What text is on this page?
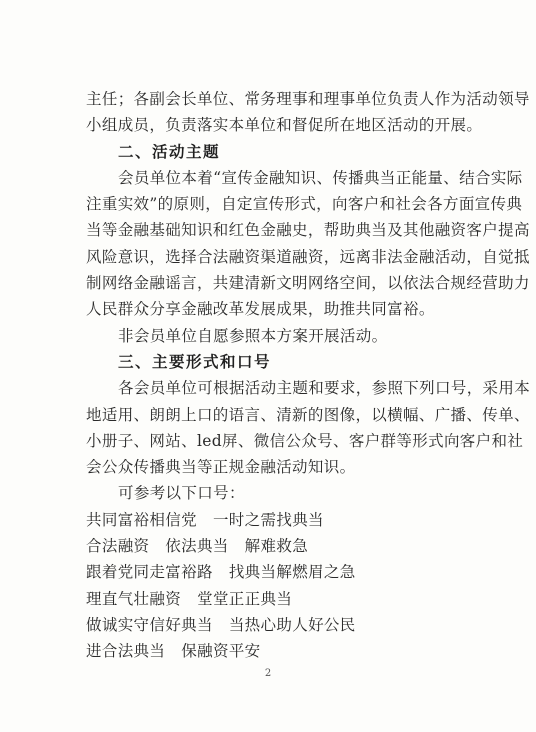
主任；各副会长单位、常务理事和理事单位负责人作为活动领导
小组成员，负责落实本单位和督促所在地区活动的开展。
二、活动主题
会员单位本着“宣传金融知识、传播典当正能量、结合实际
注重实效”的原则，自定宣传形式，向客户和社会各方面宣传典
当等金融基础知识和红色金融史，帮助典当及其他融资客户提高
风险意识，选择合法融资渠道融资，远离非法金融活动，自觉抵
制网络金融谣言，共建清新文明网络空间，以依法合规经营助力
人民群众分享金融改革发展成果，助推共同富裕。
非会员单位自愿参照本方案开展活动。
三、主要形式和口号
各会员单位可根据活动主题和要求，参照下列口号，采用本
地适用、朗朗上口的语言、清新的图像，以横幅、广播、传单、
小册子、网站、led屏、微信公众号、客户群等形式向客户和社
会公众传播典当等正规金融活动知识。
可参考以下口号：
共同富裕相信党 一时之需找典当
合法融资　依法典当 解难救急
跟着党同走富裕路 找典当解燃眉之急
理直气壮融资 堂堂正正典当
做诚实守信好典当 当热心助人好公民
进合法典当 保融资平安
2
